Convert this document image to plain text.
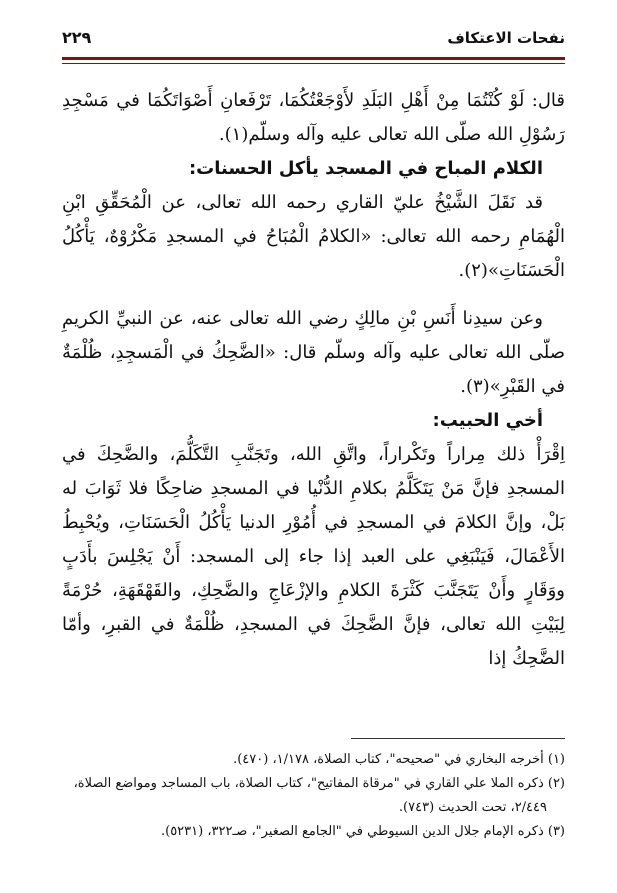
نفحات الاعتكاف
٢٢٩

قال: لَوْ كُنْتُمَا مِنْ أَهْلِ البَلَدِ لأَوْجَعْتُكُمَا، تَرْفَعانِ أَصْوَاتَكُمَا في مَسْجِدِ رَسُوْلِ الله صلّى الله تعالى عليه وآله وسلّم(١).

الكلام المباح في المسجد يأكل الحسنات:

قد نَقَلَ الشَّيْخُ عليّ القاري رحمه الله تعالى، عن الْمُحَقِّقِ ابْنِ الْهُمَامِ رحمه الله تعالى: «الكلامُ الْمُبَاحُ في المسجدِ مَكْرُوْهٌ، يَأْكُلُ الْحَسَنَاتِ»(٢).

وعن سيدِنا أَنَسِ بْنِ مالِكٍ رضي الله تعالى عنه، عن النبيِّ الكريمِ صلّى الله تعالى عليه وآله وسلّم قال: «الضَّحِكُ في الْمَسجِدِ، ظُلْمَةٌ في القَبْرِ»(٣).

أخي الحبيب:

اِقْرَأْ ذلك مِراراً وتَكْراراً، واتَّقِ الله، وتَجَنَّبِ التَّكَلُّمَ، والضَّحِكَ في المسجدِ فإنَّ مَنْ يَتَكَلَّمُ بكلامِ الدُّنْيا في المسجدِ ضاحِكًا فلا ثَوَابَ له بَلْ، وإنَّ الكلامَ في المسجدِ في أُمُوْرِ الدنيا يَأْكُلُ الْحَسَنَاتِ، ويُحْبِطُ الأَعْمَالَ، فَيَنْبَغِي على العبد إذا جاء إلى المسجد: أَنْ يَجْلِسَ بأَدَبٍ ووَقَارٍ وأَنْ يَتَجَنَّبَ كَثْرَةَ الكلامِ والإزْعَاجِ والضَّحِكِ، والقَهْقَهَةِ، حُرْمَةً لِبَيْتِ الله تعالى، فإنَّ الضَّحِكَ في المسجدِ، ظُلْمَةٌ في القبرِ، وأمّا الضَّحِكُ إذا

(١) أخرجه البخاري في "صحيحه"، كتاب الصلاة، ١/١٧٨، (٤٧٠).

(٢) ذكره الملا علي القاري في "مرقاة المفاتيح"، كتاب الصلاة، باب المساجد ومواضع الصلاة،

٢/٤٤٩، تحت الحديث (٧٤٣).

(٣) ذكره الإمام جلال الدين السيوطي في "الجامع الصغير"، صـ٣٢٢، (٥٢٣١).
